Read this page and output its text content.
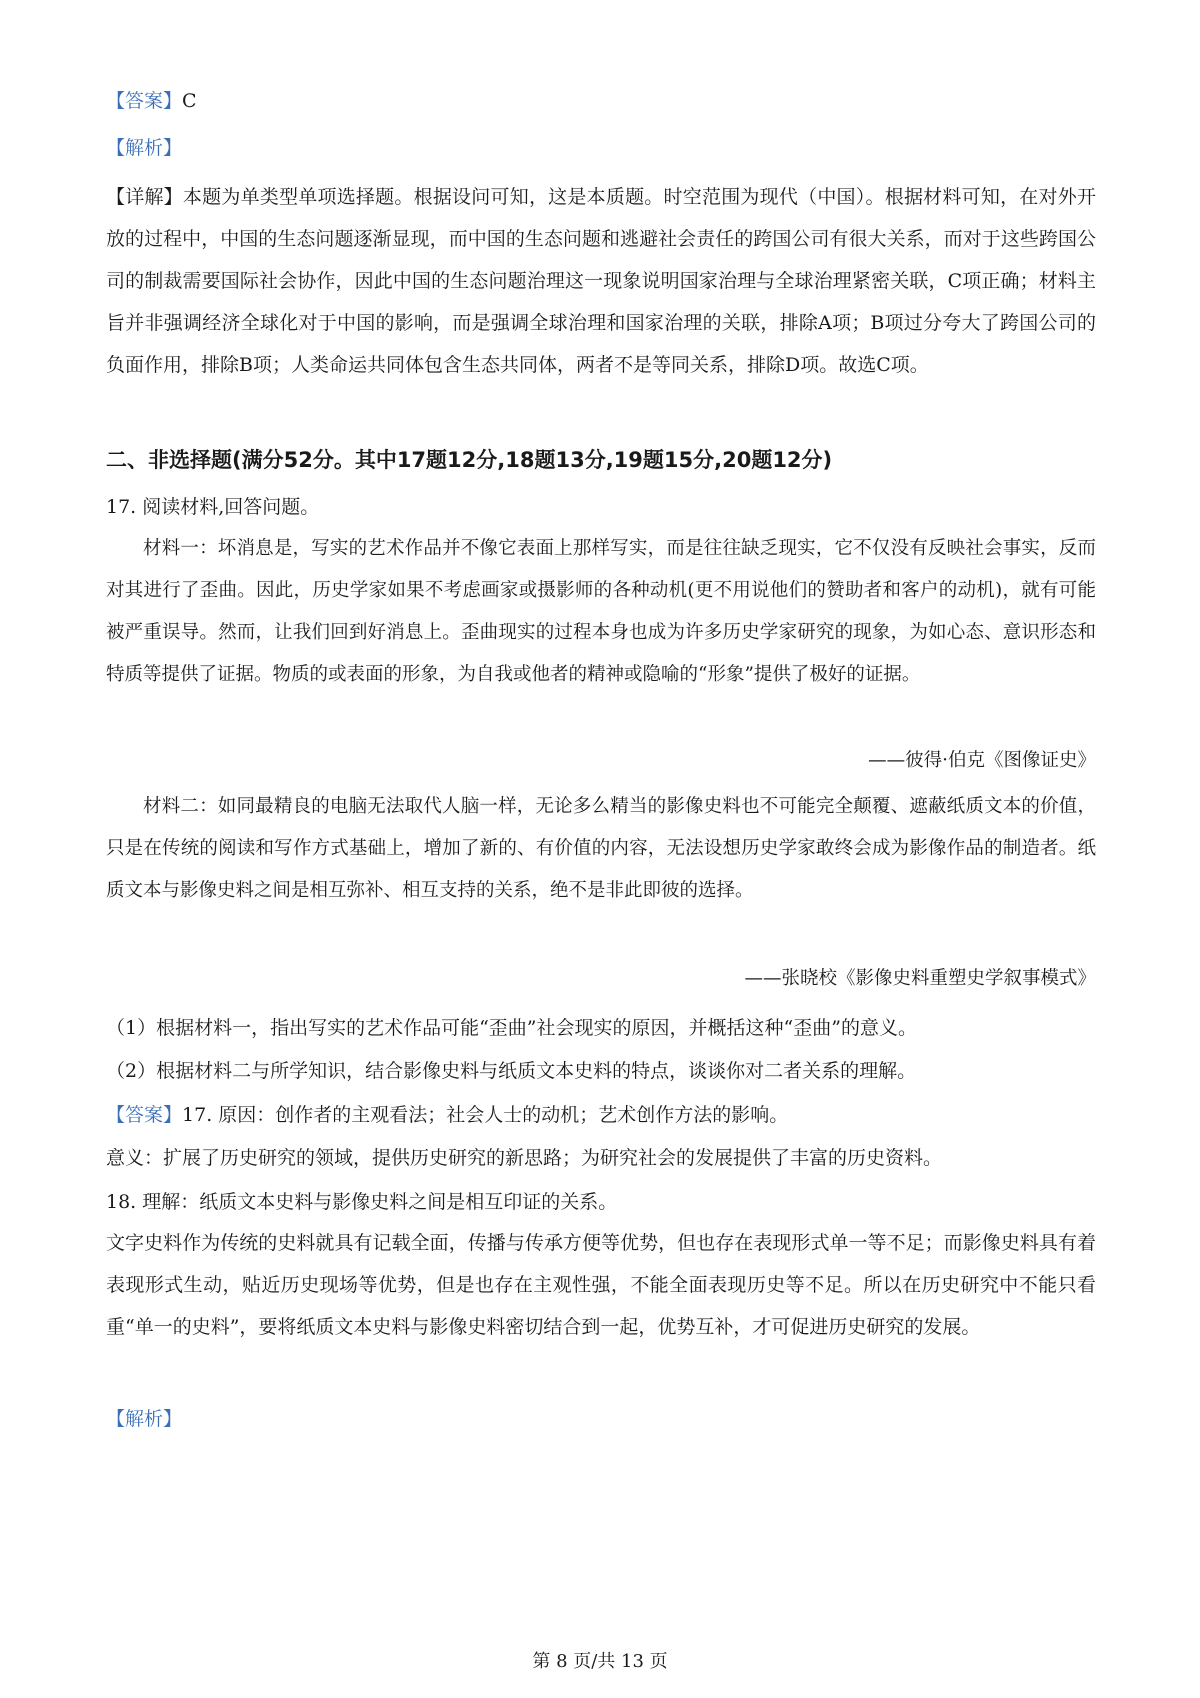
【答案】C
【解析】
【详解】本题为单类型单项选择题。根据设问可知，这是本质题。时空范围为现代（中国）。根据材料可知，在对外开放的过程中，中国的生态问题逐渐显现，而中国的生态问题和逃避社会责任的跨国公司有很大关系，而对于这些跨国公司的制裁需要国际社会协作，因此中国的生态问题治理这一现象说明国家治理与全球治理紧密关联，C项正确；材料主旨并非强调经济全球化对于中国的影响，而是强调全球治理和国家治理的关联，排除A项；B项过分夸大了跨国公司的负面作用，排除B项；人类命运共同体包含生态共同体，两者不是等同关系，排除D项。故选C项。
二、非选择题(满分52分。其中17题12分,18题13分,19题15分,20题12分)
17. 阅读材料,回答问题。
材料一：坏消息是，写实的艺术作品并不像它表面上那样写实，而是往往缺乏现实，它不仅没有反映社会事实，反而对其进行了歪曲。因此，历史学家如果不考虑画家或摄影师的各种动机(更不用说他们的赞助者和客户的动机)，就有可能被严重误导。然而，让我们回到好消息上。歪曲现实的过程本身也成为许多历史学家研究的现象，为如心态、意识形态和特质等提供了证据。物质的或表面的形象，为自我或他者的精神或隐喻的“形象”提供了极好的证据。
——彼得·伯克《图像证史》
材料二：如同最精良的电脑无法取代人脑一样，无论多么精当的影像史料也不可能完全颠覆、遮蔽纸质文本的价值，只是在传统的阅读和写作方式基础上，增加了新的、有价值的内容，无法设想历史学家敢终会成为影像作品的制造者。纸质文本与影像史料之间是相互弥补、相互支持的关系，绝不是非此即彼的选择。
——张晓校《影像史料重塑史学叙事模式》
（1）根据材料一，指出写实的艺术作品可能“歪曲”社会现实的原因，并概括这种“歪曲”的意义。
（2）根据材料二与所学知识，结合影像史料与纸质文本史料的特点，谈谈你对二者关系的理解。
【答案】17. 原因：创作者的主观看法；社会人士的动机；艺术创作方法的影响。
意义：扩展了历史研究的领域，提供历史研究的新思路；为研究社会的发展提供了丰富的历史资料。
18. 理解：纸质文本史料与影像史料之间是相互印证的关系。
文字史料作为传统的史料就具有记载全面，传播与传承方便等优势，但也存在表现形式单一等不足；而影像史料具有着表现形式生动，贴近历史现场等优势，但是也存在主观性强，不能全面表现历史等不足。所以在历史研究中不能只看重“单一的史料”，要将纸质文本史料与影像史料密切结合到一起，优势互补，才可促进历史研究的发展。
【解析】
第 8 页/共 13 页
